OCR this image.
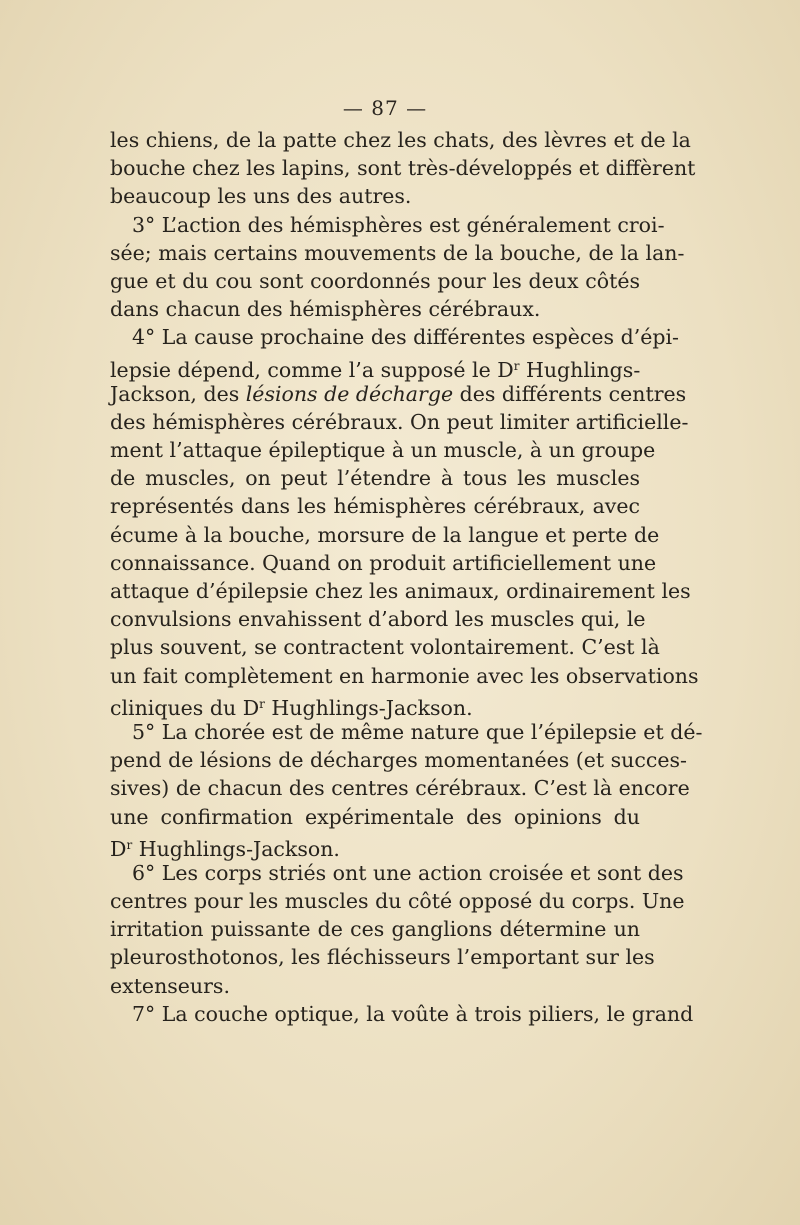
— 87 —
les chiens, de la patte chez les chats, des lèvres et de la
bouche chez les lapins, sont très-développés et diffèrent
beaucoup les uns des autres.
3° L’action des hémisphères est généralement croi-
sée; mais certains mouvements de la bouche, de la lan-
gue et du cou sont coordonnés pour les deux côtés
dans chacun des hémisphères cérébraux.
4° La cause prochaine des différentes espèces d’épi-
lepsie dépend, comme l’a supposé le $D^r$ Hughlings-
Jackson, des lésions de décharge des différents centres
des hémisphères cérébraux. On peut limiter artificielle-
ment l’attaque épileptique à un muscle, à un groupe
de muscles, on peut l’étendre à tous les muscles
représentés dans les hémisphères cérébraux, avec
écume à la bouche, morsure de la langue et perte de
connaissance. Quand on produit artificiellement une
attaque d’épilepsie chez les animaux, ordinairement les
convulsions envahissent d’abord les muscles qui, le
plus souvent, se contractent volontairement. C’est là
un fait complètement en harmonie avec les observations
cliniques du $D^r$ Hughlings-Jackson.
5° La chorée est de même nature que l’épilepsie et dé-
pend de lésions de décharges momentanées (et succes-
sives) de chacun des centres cérébraux. C’est là encore
une confirmation expérimentale des opinions du
$D^r$ Hughlings-Jackson.
6° Les corps striés ont une action croisée et sont des
centres pour les muscles du côté opposé du corps. Une
irritation puissante de ces ganglions détermine un
pleurosthotonos, les fléchisseurs l’emportant sur les
extenseurs.
7° La couche optique, la voûte à trois piliers, le grand
